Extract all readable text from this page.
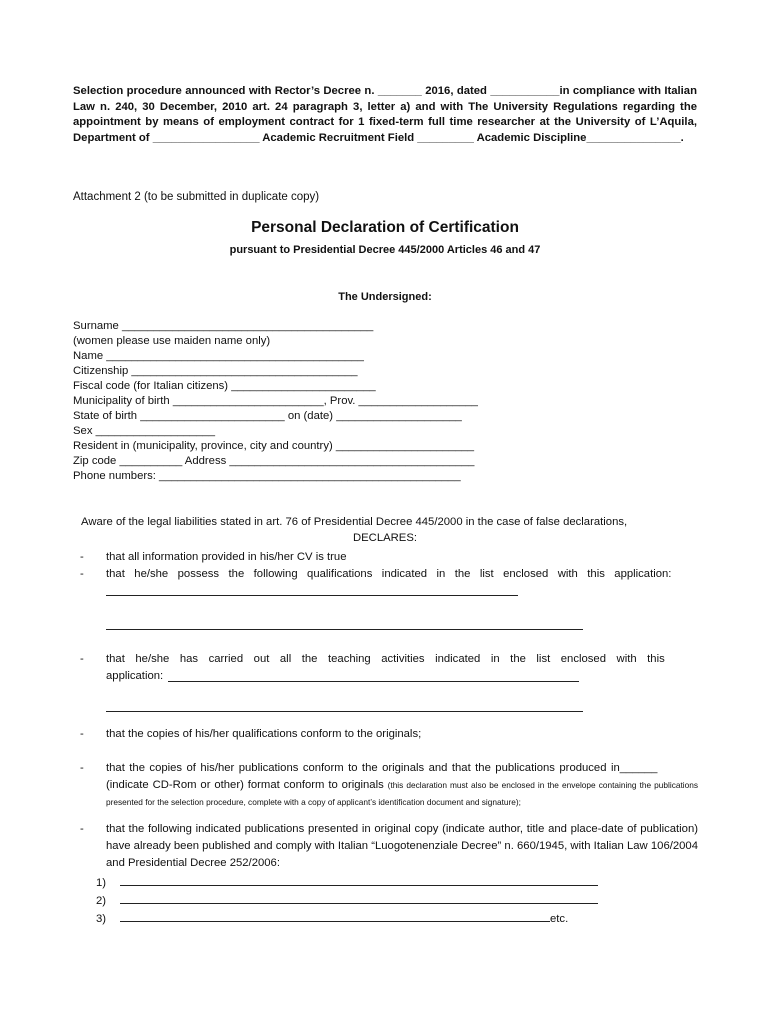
Selection procedure announced with Rector’s Decree n. _______ 2016, dated ___________in compliance with Italian Law n. 240, 30 December, 2010 art. 24 paragraph 3, letter a) and with The University Regulations regarding the appointment by means of employment contract for 1 fixed-term full time researcher at the University of L’Aquila, Department of _________________ Academic Recruitment Field _________ Academic Discipline_______________.

Attachment 2 (to be submitted in duplicate copy)

Personal Declaration of Certification

pursuant to Presidential Decree 445/2000 Articles 46 and 47

The Undersigned:

Surname ________________________________________
(women please use maiden name only)
Name _________________________________________
Citizenship ____________________________________
Fiscal code (for Italian citizens) _______________________
Municipality of birth ________________________, Prov. ___________________
State of birth _______________________ on (date) ____________________
Sex ___________________
Resident in (municipality, province, city and country) ______________________
Zip code __________ Address _______________________________________
Phone numbers: ________________________________________________

Aware of the legal liabilities stated in art. 76 of Presidential Decree 445/2000 in the case of false declarations,

DECLARES:

-	that all information provided in his/her CV is true
-	that he/she possess the following qualifications indicated in the list enclosed with this application:
-	that he/she has carried out all the teaching activities indicated in the list enclosed with this
application:
-	that the copies of his/her qualifications conform to the originals;
-	that the copies of his/her publications conform to the originals and that the publications produced in______
(indicate CD-Rom or other) format conform to originals (this declaration must also be enclosed in the envelope containing the publications presented for the selection procedure, complete with a copy of applicant’s identification document and signature);
-	that the following indicated publications presented in original copy (indicate author, title and place-date of publication) have already been published and comply with Italian “Luogotenenziale Decree” n. 660/1945, with Italian Law 106/2004 and Presidential Decree 252/2006:
1)
2)
3)	etc.
